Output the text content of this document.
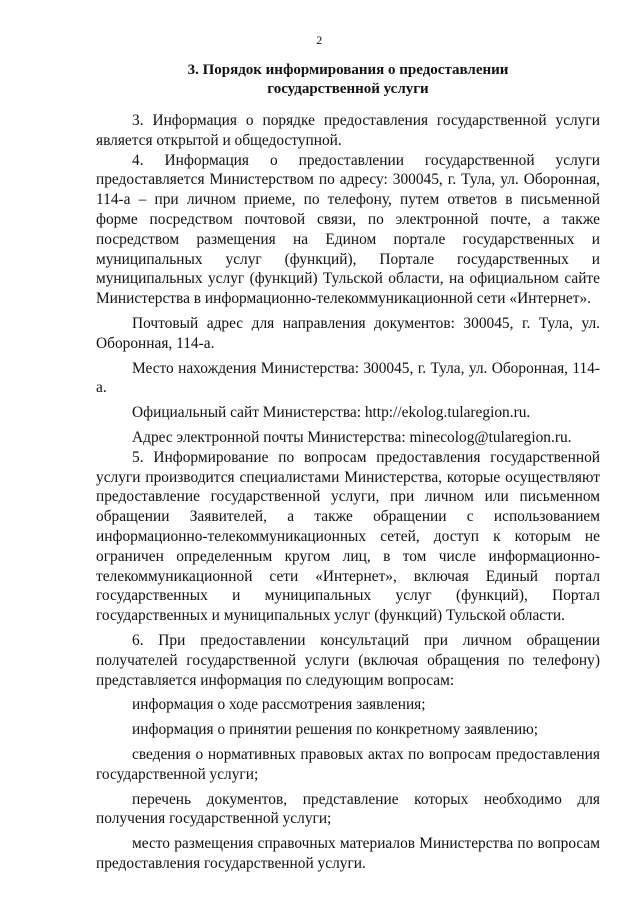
2
3. Порядок информирования о предоставлении
государственной услуги

3. Информация о порядке предоставления государственной услуги является открытой и общедоступной.

4. Информация о предоставлении государственной услуги предоставляется Министерством по адресу: 300045, г. Тула, ул. Оборонная, 114-а – при личном приеме, по телефону, путем ответов в письменной форме посредством почтовой связи, по электронной почте, а также посредством размещения на Едином портале государственных и муниципальных услуг (функций), Портале государственных и муниципальных услуг (функций) Тульской области, на официальном сайте Министерства в информационно-телекоммуникационной сети «Интернет».

Почтовый адрес для направления документов: 300045, г. Тула, ул. Оборонная, 114-а.

Место нахождения Министерства: 300045, г. Тула, ул. Оборонная, 114-а.

Официальный сайт Министерства: http://ekolog.tularegion.ru.

Адрес электронной почты Министерства: minecolog@tularegion.ru.

5. Информирование по вопросам предоставления государственной услуги производится специалистами Министерства, которые осуществляют предоставление государственной услуги, при личном или письменном обращении Заявителей, а также обращении с использованием информационно-телекоммуникационных сетей, доступ к которым не ограничен определенным кругом лиц, в том числе информационно-телекоммуникационной сети «Интернет», включая Единый портал государственных и муниципальных услуг (функций), Портал государственных и муниципальных услуг (функций) Тульской области.

6. При предоставлении консультаций при личном обращении получателей государственной услуги (включая обращения по телефону) представляется информация по следующим вопросам:

информация о ходе рассмотрения заявления;

информация о принятии решения по конкретному заявлению;

сведения о нормативных правовых актах по вопросам предоставления государственной услуги;

перечень документов, представление которых необходимо для получения государственной услуги;

место размещения справочных материалов Министерства по вопросам предоставления государственной услуги.
